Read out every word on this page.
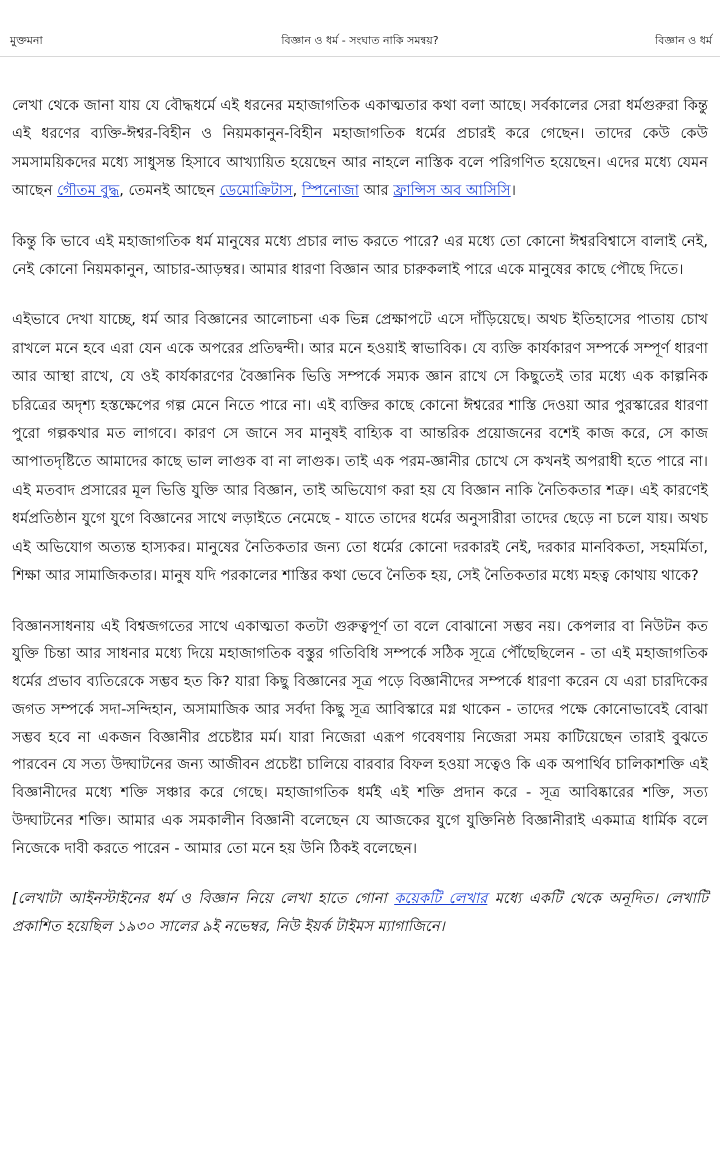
মুক্তমনা	বিজ্ঞান ও ধর্ম - সংঘাত নাকি সমন্বয়?	বিজ্ঞান ও ধর্ম

লেখা থেকে জানা যায় যে বৌদ্ধধর্মে এই ধরনের মহাজাগতিক একাত্মতার কথা বলা আছে। সর্বকালের সেরা ধর্মগুরুরা কিন্তু এই ধরণের ব্যক্তি-ঈশ্বর-বিহীন ও নিয়মকানুন-বিহীন মহাজাগতিক ধর্মের প্রচারই করে গেছেন। তাদের কেউ কেউ সমসাময়িকদের মধ্যে সাধুসন্ত হিসাবে আখ্যায়িত হয়েছেন আর নাহলে নাস্তিক বলে পরিগণিত হয়েছেন। এদের মধ্যে যেমন আছেন গৌতম বুদ্ধ, তেমনই আছেন ডেমোক্রিটাস, স্পিনোজা আর ফ্রান্সিস অব আসিসি।

কিন্তু কি ভাবে এই মহাজাগতিক ধর্ম মানুষের মধ্যে প্রচার লাভ করতে পারে? এর মধ্যে তো কোনো ঈশ্বরবিশ্বাসে বালাই নেই, নেই কোনো নিয়মকানুন, আচার-আড়ম্বর। আমার ধারণা বিজ্ঞান আর চারুকলাই পারে একে মানুষের কাছে পৌছে দিতে।

এইভাবে দেখা যাচ্ছে, ধর্ম আর বিজ্ঞানের আলোচনা এক ভিন্ন প্রেক্ষাপটে এসে দাঁড়িয়েছে। অথচ ইতিহাসের পাতায় চোখ রাখলে মনে হবে এরা যেন একে অপরের প্রতিদ্বন্দী। আর মনে হওয়াই স্বাভাবিক। যে ব্যক্তি কার্যকারণ সম্পর্কে সম্পূর্ণ ধারণা আর আস্থা রাখে, যে ওই কার্যকারণের বৈজ্ঞানিক ভিত্তি সম্পর্কে সম্যক জ্ঞান রাখে সে কিছুতেই তার মধ্যে এক কাল্পনিক চরিত্রের অদৃশ্য হস্তক্ষেপের গল্প মেনে নিতে পারে না। এই ব্যক্তির কাছে কোনো ঈশ্বরের শাস্তি দেওয়া আর পুরস্কারের ধারণা পুরো গল্পকথার মত লাগবে। কারণ সে জানে সব মানুষই বাহ্যিক বা আন্তরিক প্রয়োজনের বশেই কাজ করে, সে কাজ আপাতদৃষ্টিতে আমাদের কাছে ভাল লাগুক বা না লাগুক। তাই এক পরম-জ্ঞানীর চোখে সে কখনই অপরাধী হতে পারে না। এই মতবাদ প্রসারের মূল ভিত্তি যুক্তি আর বিজ্ঞান, তাই অভিযোগ করা হয় যে বিজ্ঞান নাকি নৈতিকতার শত্রু। এই কারণেই ধর্মপ্রতিষ্ঠান যুগে যুগে বিজ্ঞানের সাথে লড়াইতে নেমেছে - যাতে তাদের ধর্মের অনুসারীরা তাদের ছেড়ে না চলে যায়। অথচ এই অভিযোগ অত্যন্ত হাস্যকর। মানুষের নৈতিকতার জন্য তো ধর্মের কোনো দরকারই নেই, দরকার মানবিকতা, সহমর্মিতা, শিক্ষা আর সামাজিকতার। মানুষ যদি পরকালের শাস্তির কথা ভেবে নৈতিক হয়, সেই নৈতিকতার মধ্যে মহত্ব কোথায় থাকে?

বিজ্ঞানসাধনায় এই বিশ্বজগতের সাথে একাত্মতা কতটা গুরুত্বপূর্ণ তা বলে বোঝানো সম্ভব নয়। কেপলার বা নিউটন কত যুক্তি চিন্তা আর সাধনার মধ্যে দিয়ে মহাজাগতিক বস্তুর গতিবিধি সম্পর্কে সঠিক সূত্রে পৌঁছেছিলেন - তা এই মহাজাগতিক ধর্মের প্রভাব ব্যতিরেকে সম্ভব হত কি? যারা কিছু বিজ্ঞানের সূত্র পড়ে বিজ্ঞানীদের সম্পর্কে ধারণা করেন যে এরা চারদিকের জগত সম্পর্কে সদা-সন্দিহান, অসামাজিক আর সর্বদা কিছু সূত্র আবিস্কারে মগ্ন থাকেন - তাদের পক্ষে কোনোভাবেই বোঝা সম্ভব হবে না একজন বিজ্ঞানীর প্রচেষ্টার মর্ম। যারা নিজেরা এরূপ গবেষণায় নিজেরা সময় কাটিয়েছেন তারাই বুঝতে পারবেন যে সত্য উদ্ঘাটনের জন্য আজীবন প্রচেষ্টা চালিয়ে বারবার বিফল হওয়া সত্বেও কি এক অপার্থিব চালিকাশক্তি এই বিজ্ঞানীদের মধ্যে শক্তি সঞ্চার করে গেছে। মহাজাগতিক ধর্মই এই শক্তি প্রদান করে - সূত্র আবিষ্কারের শক্তি, সত্য উদ্ঘাটনের শক্তি। আমার এক সমকালীন বিজ্ঞানী বলেছেন যে আজকের যুগে যুক্তিনিষ্ঠ বিজ্ঞানীরাই একমাত্র ধার্মিক বলে নিজেকে দাবী করতে পারেন - আমার তো মনে হয় উনি ঠিকই বলেছেন।

[লেখাটা আইনস্টাইনের ধর্ম ও বিজ্ঞান নিয়ে লেখা হাতে গোনা কয়েকটি লেখার মধ্যে একটি থেকে অনূদিত। লেখাটি প্রকাশিত হয়েছিল ১৯৩০ সালের ৯ই নভেম্বর, নিউ ইয়র্ক টাইমস ম্যাগাজিনে।
